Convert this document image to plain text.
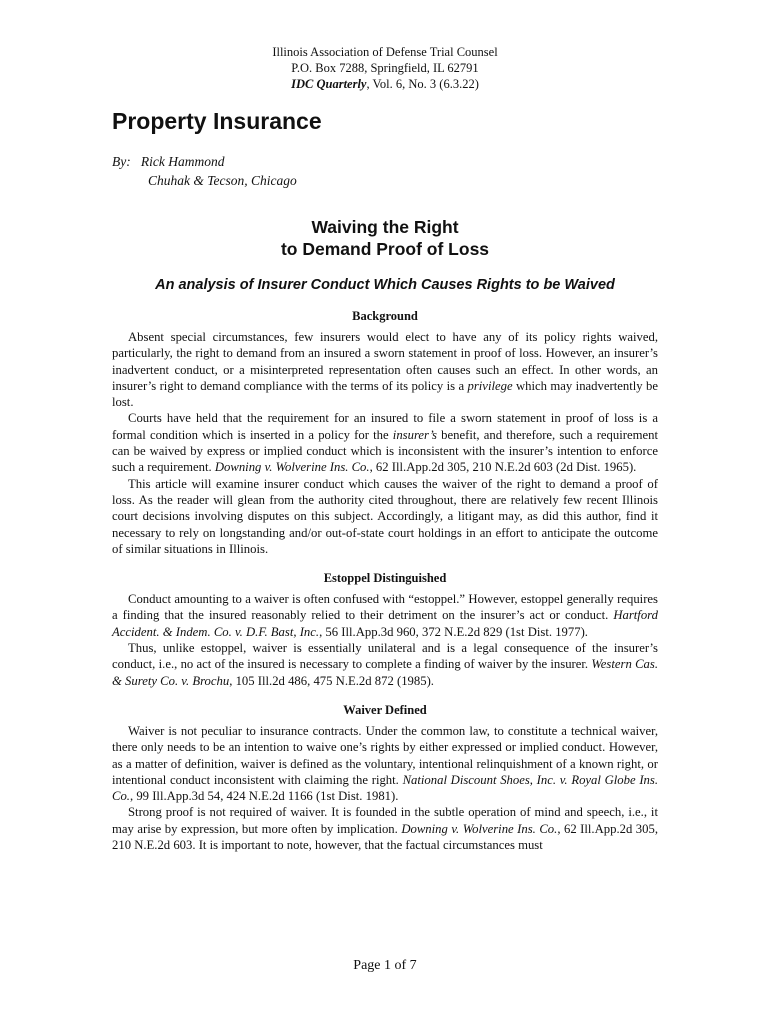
Illinois Association of Defense Trial Counsel
P.O. Box 7288, Springfield, IL 62791
IDC Quarterly, Vol. 6, No. 3 (6.3.22)
Property Insurance
By:   Rick Hammond
Chuhak & Tecson, Chicago
Waiving the Right
to Demand Proof of Loss
An analysis of Insurer Conduct Which Causes Rights to be Waived
Background

Absent special circumstances, few insurers would elect to have any of its policy rights waived, particularly, the right to demand from an insured a sworn statement in proof of loss. However, an insurer’s inadvertent conduct, or a misinterpreted representation often causes such an effect. In other words, an insurer’s right to demand compliance with the terms of its policy is a privilege which may inadvertently be lost.

Courts have held that the requirement for an insured to file a sworn statement in proof of loss is a formal condition which is inserted in a policy for the insurer’s benefit, and therefore, such a requirement can be waived by express or implied conduct which is inconsistent with the insurer’s intention to enforce such a requirement. Downing v. Wolverine Ins. Co., 62 Ill.App.2d 305, 210 N.E.2d 603 (2d Dist. 1965).

This article will examine insurer conduct which causes the waiver of the right to demand a proof of loss. As the reader will glean from the authority cited throughout, there are relatively few recent Illinois court decisions involving disputes on this subject. Accordingly, a litigant may, as did this author, find it necessary to rely on longstanding and/or out-of-state court holdings in an effort to anticipate the outcome of similar situations in Illinois.

Estoppel Distinguished

Conduct amounting to a waiver is often confused with “estoppel.” However, estoppel generally requires a finding that the insured reasonably relied to their detriment on the insurer’s act or conduct. Hartford Accident. & Indem. Co. v. D.F. Bast, Inc., 56 Ill.App.3d 960, 372 N.E.2d 829 (1st Dist. 1977).

Thus, unlike estoppel, waiver is essentially unilateral and is a legal consequence of the insurer’s conduct, i.e., no act of the insured is necessary to complete a finding of waiver by the insurer. Western Cas. & Surety Co. v. Brochu, 105 Ill.2d 486, 475 N.E.2d 872 (1985).

Waiver Defined

Waiver is not peculiar to insurance contracts. Under the common law, to constitute a technical waiver, there only needs to be an intention to waive one’s rights by either expressed or implied conduct. However, as a matter of definition, waiver is defined as the voluntary, intentional relinquishment of a known right, or intentional conduct inconsistent with claiming the right. National Discount Shoes, Inc. v. Royal Globe Ins. Co., 99 Ill.App.3d 54, 424 N.E.2d 1166 (1st Dist. 1981).

Strong proof is not required of waiver. It is founded in the subtle operation of mind and speech, i.e., it may arise by expression, but more often by implication. Downing v. Wolverine Ins. Co., 62 Ill.App.2d 305, 210 N.E.2d 603. It is important to note, however, that the factual circumstances must

Page 1 of 7
